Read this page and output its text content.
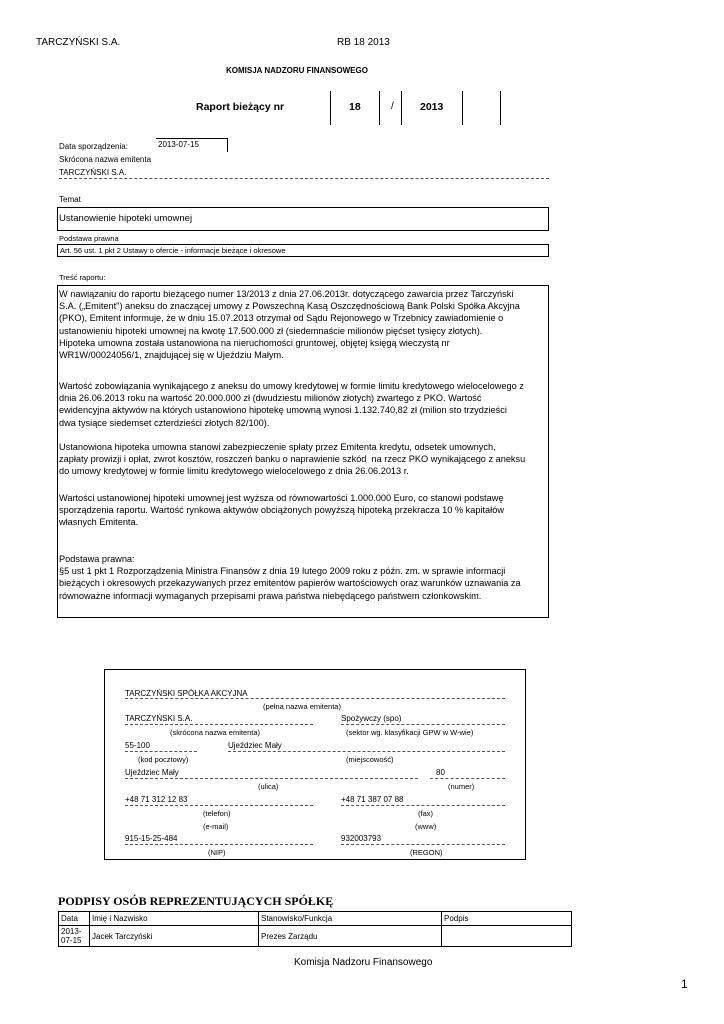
TARCZYŃSKI S.A.	RB 18 2013
KOMISJA NADZORU FINANSOWEGO
Raport bieżący nr	18	/ 2013
Data sporządzenia:	2013-07-15
Skrócona nazwa emitenta
TARCZYŃSKI S.A.
Temat
Ustanowienie hipoteki umownej
Podstawa prawna
Art. 56 ust. 1 pkt 2 Ustawy o ofercie - informacje bieżące i okresowe
Treść raportu:
W nawiązaniu do raportu bieżącego numer 13/2013 z dnia 27.06.2013r. dotyczącego zawarcia przez Tarczyński
S.A. („Emitent") aneksu do znaczącej umowy z Powszechną Kasą Oszczędnościową Bank Polski Spółka Akcyjna
(PKO), Emitent informuje, że w dniu 15.07.2013 otrzymał od Sądu Rejonowego w Trzebnicy zawiadomienie o
ustanowieniu hipoteki umownej na kwotę 17.500.000 zł (siedemnaście milionów pięćset tysięcy złotych).
Hipoteka umowna została ustanowiona na nieruchomości gruntowej, objętej księgą wieczystą nr
WR1W/00024056/1, znajdującej się w Ujeździu Małym.
Wartość zobowiązania wynikającego z aneksu do umowy kredytowej w formie limitu kredytowego wielocelowego z
dnia 26.06.2013 roku na wartość 20.000.000 zł (dwudziestu milionów złotych) zwartego z PKO. Wartość
ewidencyjna aktywów na których ustanowiono hipotekę umowną wynosi 1.132.740,82 zł (milion sto trzydzieści
dwa tysiące siedemset czterdzieści złotych 82/100).
Ustanowiona hipoteka umowna stanowi zabezpieczenie spłaty przez Emitenta kredytu, odsetek umownych,
zapłaty prowizji i opłat, zwrot kosztów, roszczeń banku o naprawienie szkód  na rzecz PKO wynikającego z aneksu
do umowy kredytowej w formie limitu kredytowego wielocelowego z dnia 26.06.2013 r.
Wartości ustanowionej hipoteki umownej jest wyższa od równowartości 1.000.000 Euro, co stanowi podstawę
sporządzenia raportu. Wartość rynkowa aktywów obciążonych powyższą hipoteką przekracza 10 % kapitałów
własnych Emitenta.
Podstawa prawna:
§5 ust 1 pkt 1 Rozporządzenia Ministra Finansów z dnia 19 lutego 2009 roku z późn. zm. w sprawie informacji
bieżących i okresowych przekazywanych przez emitentów papierów wartościowych oraz warunków uznawania za
równoważne informacji wymaganych przepisami prawa państwa niebędącego państwem członkowskim.
TARCZYŃSKI SPÓŁKA AKCYJNA
(pełna nazwa emitenta)
TARCZYŃSKI S.A.
(skrócona nazwa emitenta)
Spożywczy (spo)
(sektor wg. klasyfikacji GPW w W-wie)
55-100
(kod pocztowy)
Ujeździec Mały
(miejscowość)
Ujeździec Mały
(ulica)
80
(numer)
+48 71 312 12 83
(telefon)
+48 71 387 07 88
(fax)
(e-mail)	(www)
915-15-25-484
(NIP)
932003793
(REGON)
PODPISY OSÓB REPREZENTUJĄCYCH SPÓŁKĘ
Data	Imię i Nazwisko	Stanowisko/Funkcja	Podpis
2013-07-15	Jacek Tarczyński	Prezes Zarządu	
Komisja Nadzoru Finansowego
1
